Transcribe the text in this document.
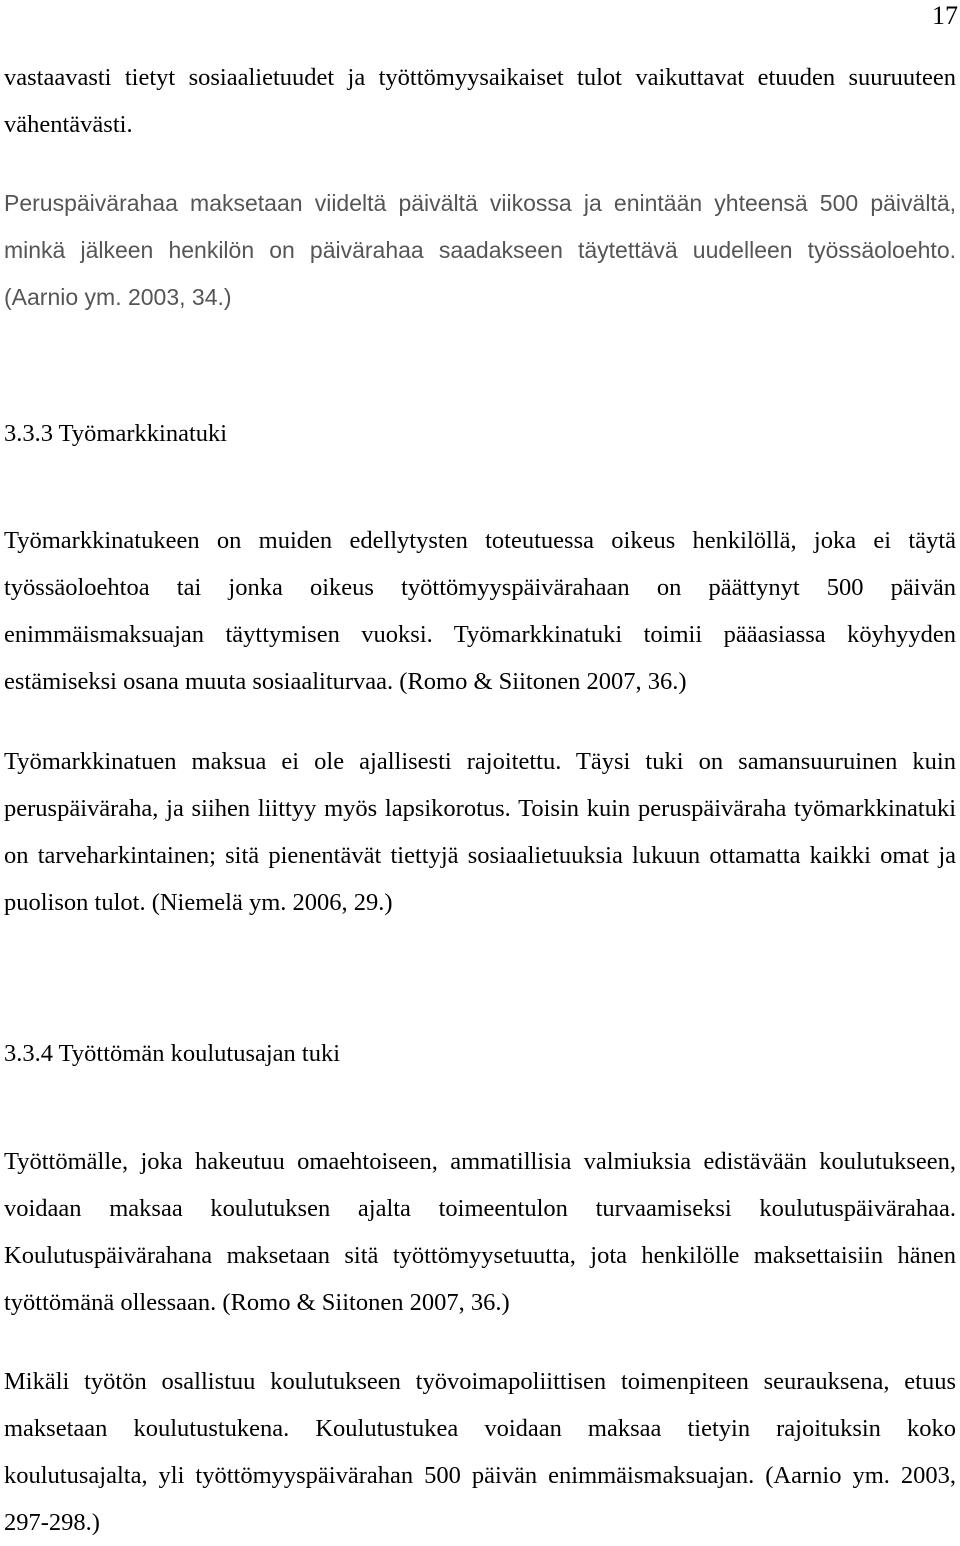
17

vastaavasti tietyt sosiaalietuudet ja työttömyysaikaiset tulot vaikuttavat etuuden suuruuteen vähentävästi.

Peruspäivärahaa maksetaan viideltä päivältä viikossa ja enintään yhteensä 500 päivältä, minkä jälkeen henkilön on päivärahaa saadakseen täytettävä uudelleen työssäoloehto. (Aarnio ym. 2003, 34.)

3.3.3 Työmarkkinatuki

Työmarkkinatukeen on muiden edellytysten toteutuessa oikeus henkilöllä, joka ei täytä työssäoloehtoa tai jonka oikeus työttömyyspäivärahaan on päättynyt 500 päivän enimmäismaksuajan täyttymisen vuoksi. Työmarkkinatuki toimii pääasiassa köyhyyden estämiseksi osana muuta sosiaaliturvaa. (Romo & Siitonen 2007, 36.)

Työmarkkinatuen maksua ei ole ajallisesti rajoitettu. Täysi tuki on samansuuruinen kuin peruspäiväraha, ja siihen liittyy myös lapsikorotus. Toisin kuin peruspäiväraha työmarkkinatuki on tarveharkintainen; sitä pienentävät tiettyjä sosiaalietuuksia lukuun ottamatta kaikki omat ja puolison tulot. (Niemelä ym. 2006, 29.)

3.3.4 Työttömän koulutusajan tuki

Työttömälle, joka hakeutuu omaehtoiseen, ammatillisia valmiuksia edistävään koulutukseen, voidaan maksaa koulutuksen ajalta toimeentulon turvaamiseksi koulutuspäivärahaa. Koulutuspäivärahana maksetaan sitä työttömyysetuutta, jota henkilölle maksettaisiin hänen työttömänä ollessaan. (Romo & Siitonen 2007, 36.)

Mikäli työtön osallistuu koulutukseen työvoimapoliittisen toimenpiteen seurauksena, etuus maksetaan koulutustukena. Koulutustukea voidaan maksaa tietyin rajoituksin koko koulutusajalta, yli työttömyyspäivärahan 500 päivän enimmäismaksuajan. (Aarnio ym. 2003, 297-298.)
